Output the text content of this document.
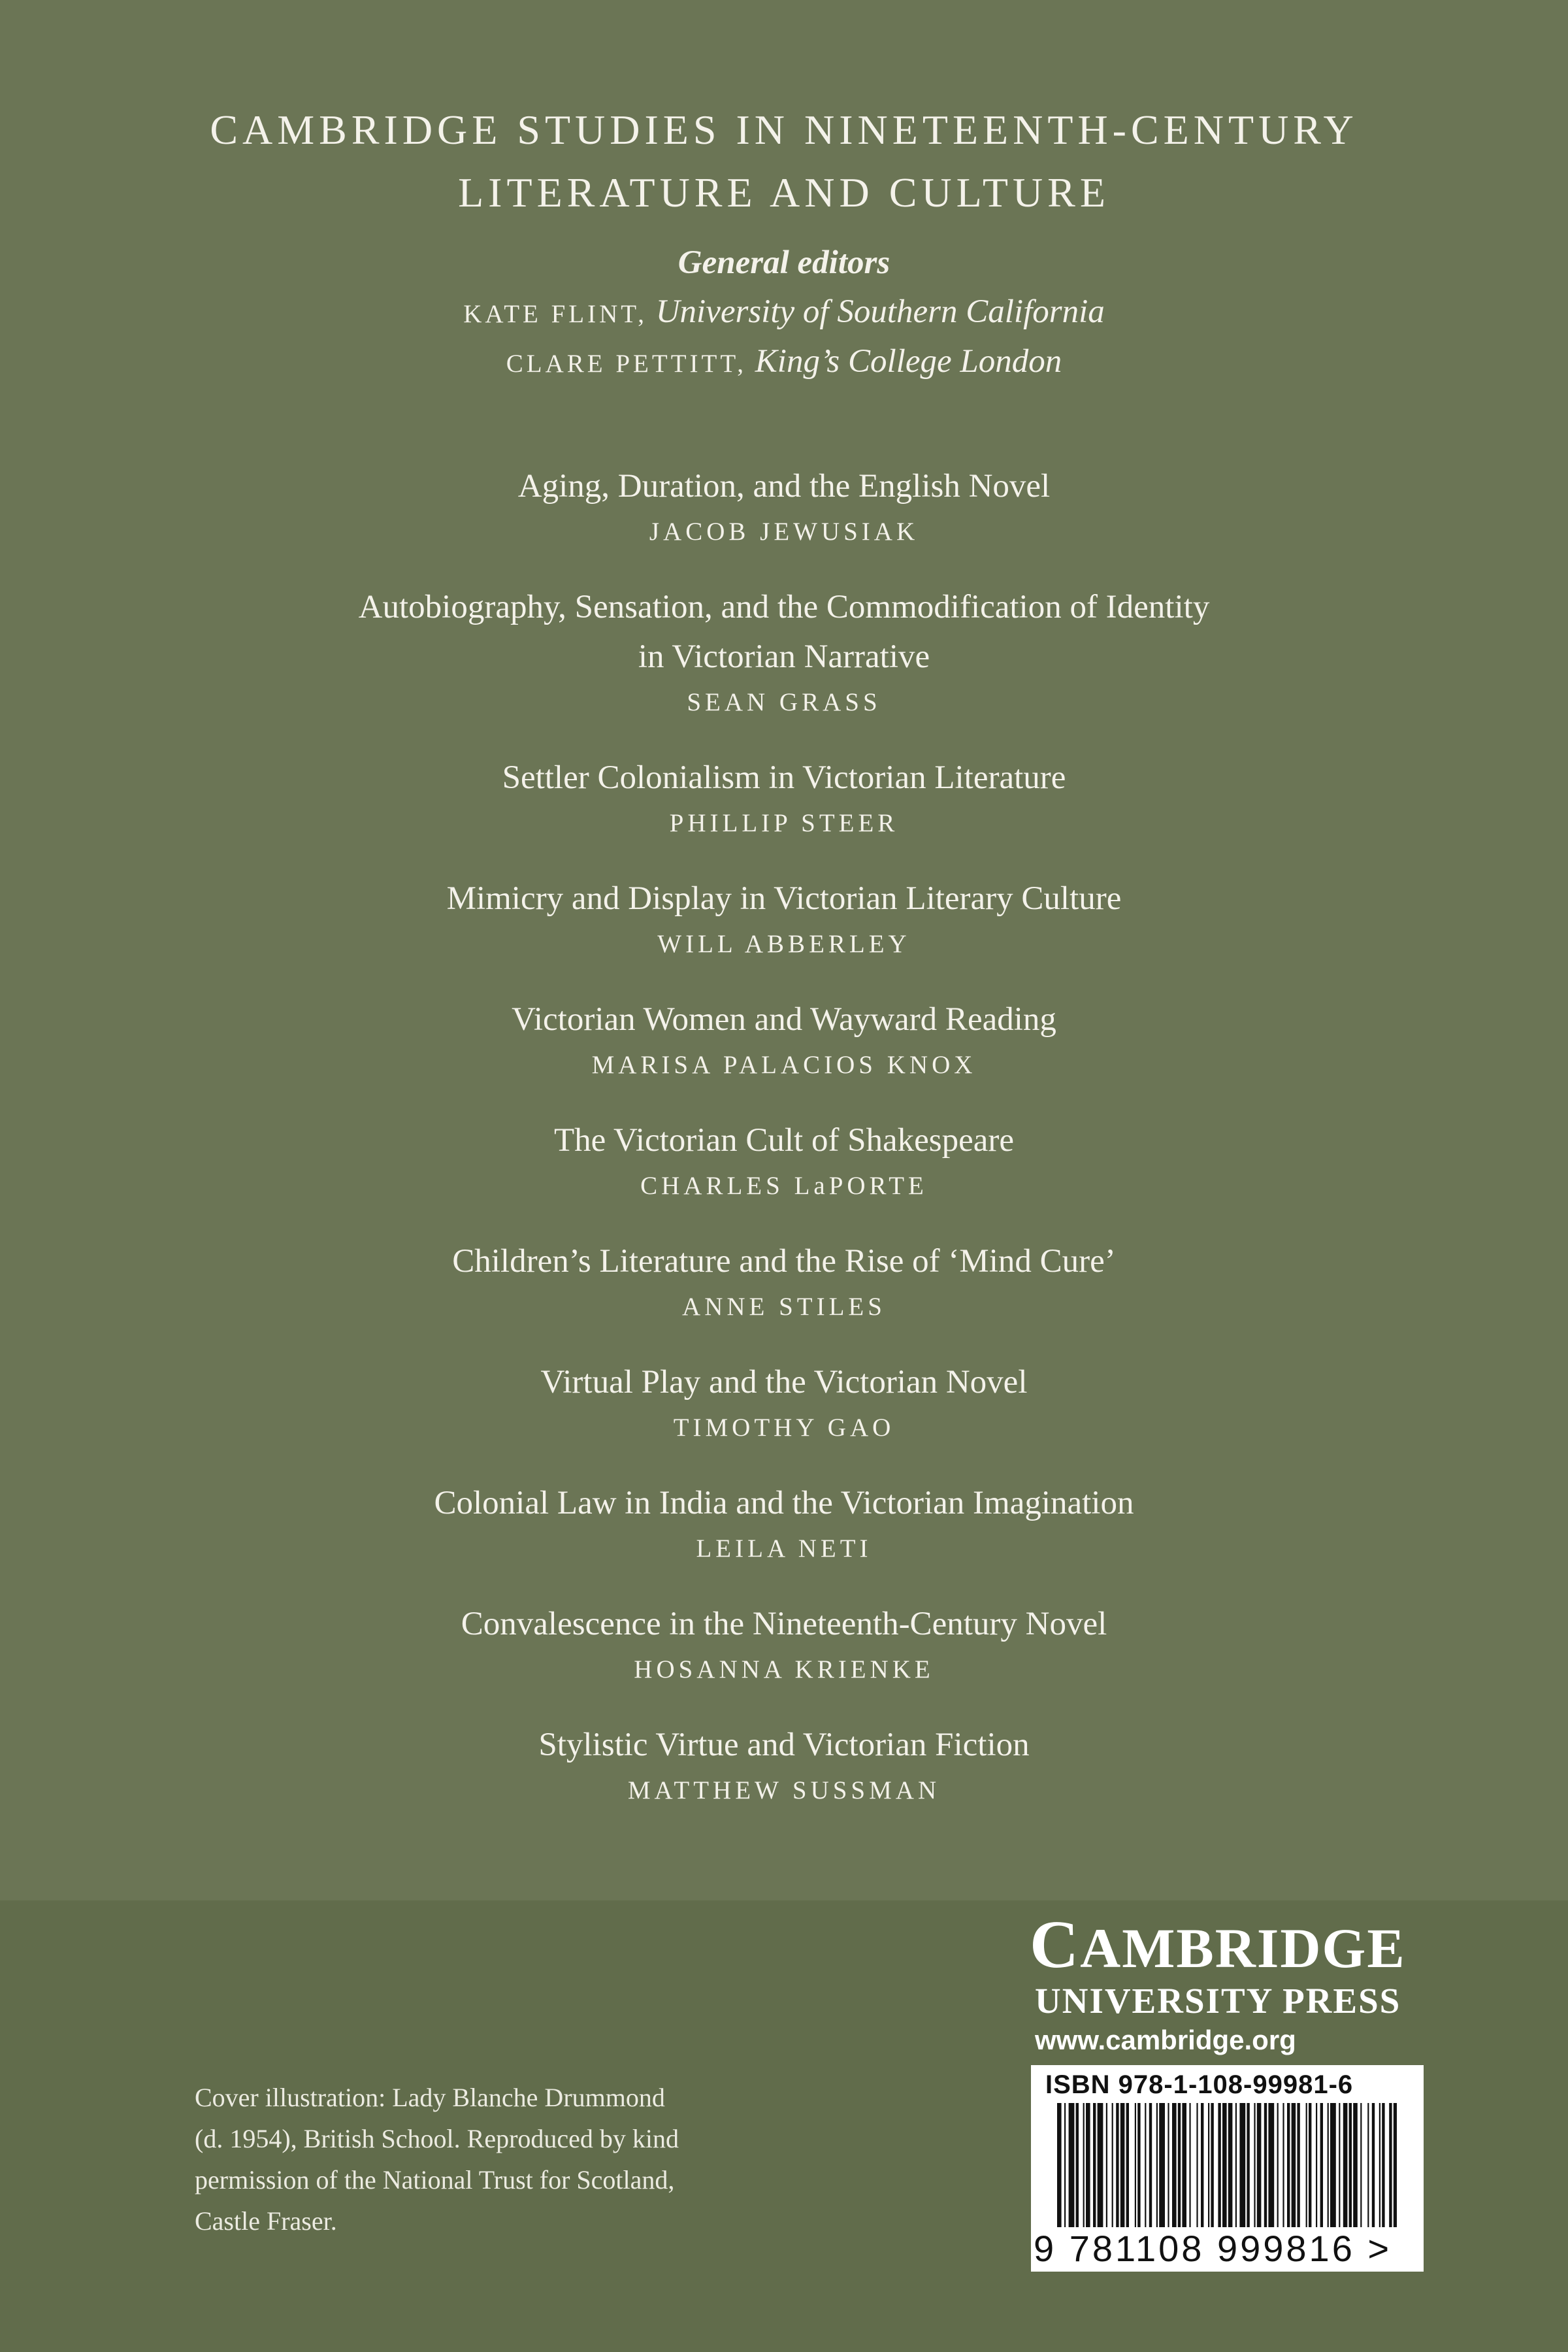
CAMBRIDGE STUDIES IN NINETEENTH-CENTURY
LITERATURE AND CULTURE
General editors
KATE FLINT, University of Southern California
CLARE PETTITT, King’s College London
Aging, Duration, and the English Novel
JACOB JEWUSIAK
Autobiography, Sensation, and the Commodification of Identity
in Victorian Narrative
SEAN GRASS
Settler Colonialism in Victorian Literature
PHILLIP STEER
Mimicry and Display in Victorian Literary Culture
WILL ABBERLEY
Victorian Women and Wayward Reading
MARISA PALACIOS KNOX
The Victorian Cult of Shakespeare
CHARLES LaPORTE
Children’s Literature and the Rise of ‘Mind Cure’
ANNE STILES
Virtual Play and the Victorian Novel
TIMOTHY GAO
Colonial Law in India and the Victorian Imagination
LEILA NETI
Convalescence in the Nineteenth-Century Novel
HOSANNA KRIENKE
Stylistic Virtue and Victorian Fiction
MATTHEW SUSSMAN
Cover illustration: Lady Blanche Drummond
(d. 1954), British School. Reproduced by kind
permission of the National Trust for Scotland,
Castle Fraser.
CAMBRIDGE
UNIVERSITY PRESS
www.cambridge.org
ISBN 978-1-108-99981-6
9 781108 999816 >
